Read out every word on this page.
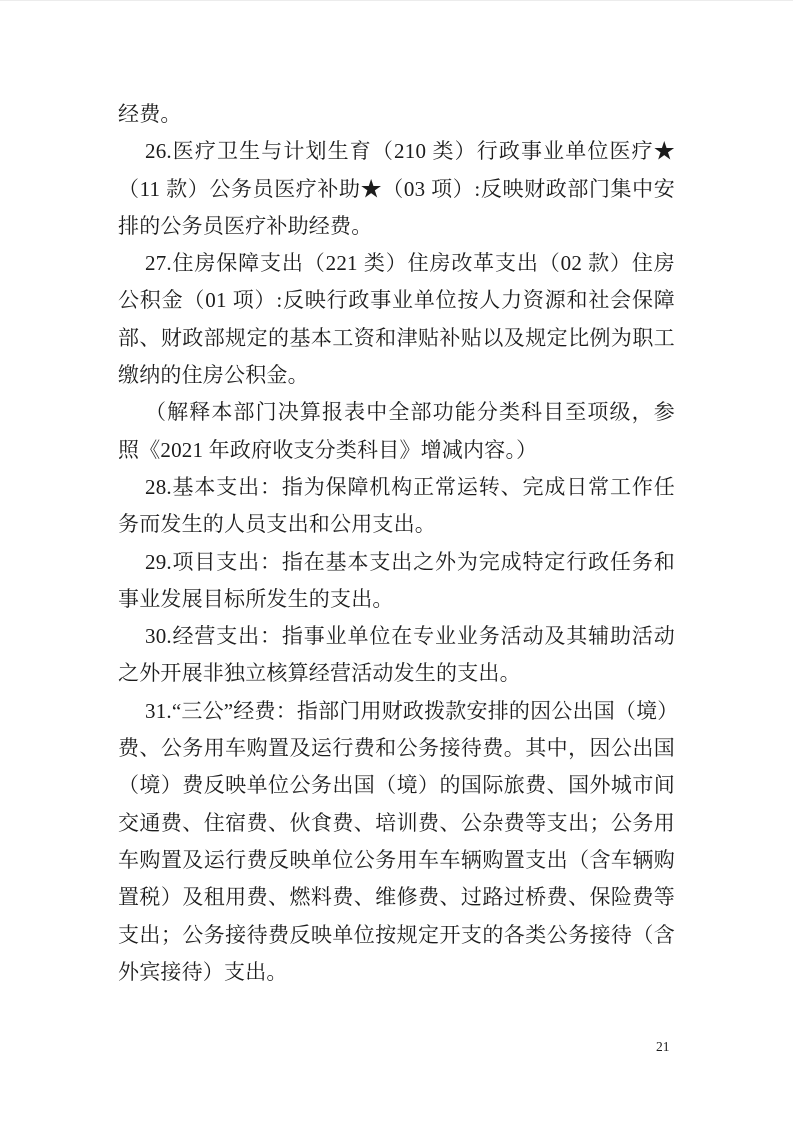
经费。
26.医疗卫生与计划生育（210 类）行政事业单位医疗★
（11 款）公务员医疗补助★（03 项）:反映财政部门集中安
排的公务员医疗补助经费。
27.住房保障支出（221 类）住房改革支出（02 款）住房
公积金（01 项）:反映行政事业单位按人力资源和社会保障
部、财政部规定的基本工资和津贴补贴以及规定比例为职工
缴纳的住房公积金。
（解释本部门决算报表中全部功能分类科目至项级，参
照《2021 年政府收支分类科目》增减内容。）
28.基本支出：指为保障机构正常运转、完成日常工作任
务而发生的人员支出和公用支出。
29.项目支出：指在基本支出之外为完成特定行政任务和
事业发展目标所发生的支出。
30.经营支出：指事业单位在专业业务活动及其辅助活动
之外开展非独立核算经营活动发生的支出。
31.“三公”经费：指部门用财政拨款安排的因公出国（境）
费、公务用车购置及运行费和公务接待费。其中，因公出国
（境）费反映单位公务出国（境）的国际旅费、国外城市间
交通费、住宿费、伙食费、培训费、公杂费等支出；公务用
车购置及运行费反映单位公务用车车辆购置支出（含车辆购
置税）及租用费、燃料费、维修费、过路过桥费、保险费等
支出；公务接待费反映单位按规定开支的各类公务接待（含
外宾接待）支出。
21
